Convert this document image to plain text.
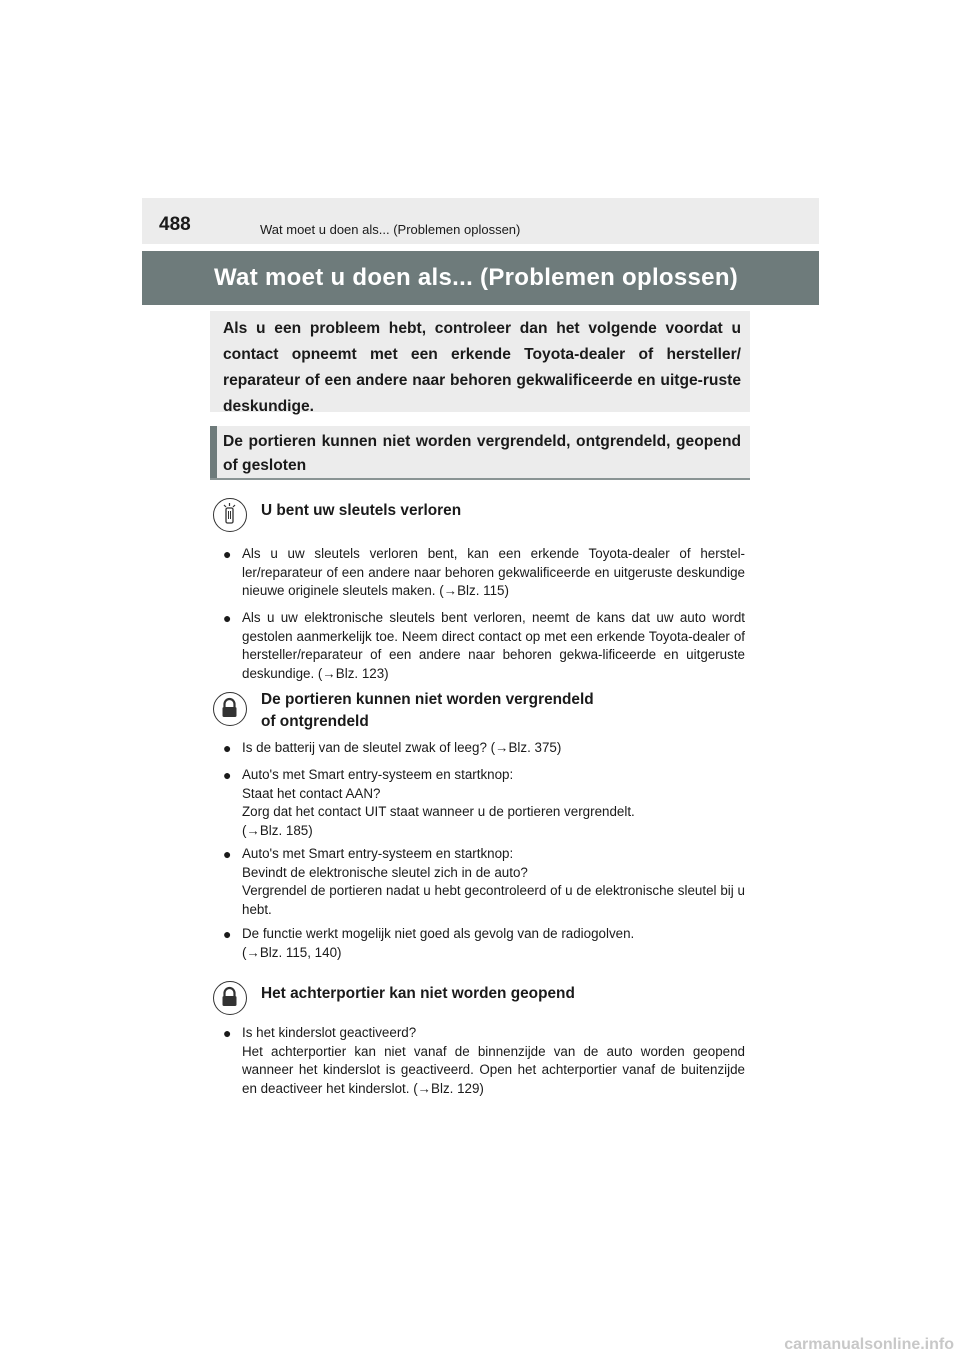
488	Wat moet u doen als... (Problemen oplossen)
Wat moet u doen als... (Problemen oplossen)
Als u een probleem hebt, controleer dan het volgende voordat u contact opneemt met een erkende Toyota-dealer of hersteller/ reparateur of een andere naar behoren gekwalificeerde en uitge-ruste deskundige.
De portieren kunnen niet worden vergrendeld, ontgrendeld, geopend of gesloten
U bent uw sleutels verloren
● Als u uw sleutels verloren bent, kan een erkende Toyota-dealer of herstel-ler/reparateur of een andere naar behoren gekwalificeerde en uitgeruste deskundige nieuwe originele sleutels maken. (→Blz. 115)
● Als u uw elektronische sleutels bent verloren, neemt de kans dat uw auto wordt gestolen aanmerkelijk toe. Neem direct contact op met een erkende Toyota-dealer of hersteller/reparateur of een andere naar behoren gekwa-lificeerde en uitgeruste deskundige. (→Blz. 123)
De portieren kunnen niet worden vergrendeld
of ontgrendeld
● Is de batterij van de sleutel zwak of leeg? (→Blz. 375)
● Auto's met Smart entry-systeem en startknop:
Staat het contact AAN?
Zorg dat het contact UIT staat wanneer u de portieren vergrendelt.
(→Blz. 185)
● Auto's met Smart entry-systeem en startknop:
Bevindt de elektronische sleutel zich in de auto?
Vergrendel de portieren nadat u hebt gecontroleerd of u de elektronische sleutel bij u hebt.
● De functie werkt mogelijk niet goed als gevolg van de radiogolven.
(→Blz. 115, 140)
Het achterportier kan niet worden geopend
● Is het kinderslot geactiveerd?
Het achterportier kan niet vanaf de binnenzijde van de auto worden geopend wanneer het kinderslot is geactiveerd. Open het achterportier vanaf de buitenzijde en deactiveer het kinderslot. (→Blz. 129)
carmanualsonline.info
